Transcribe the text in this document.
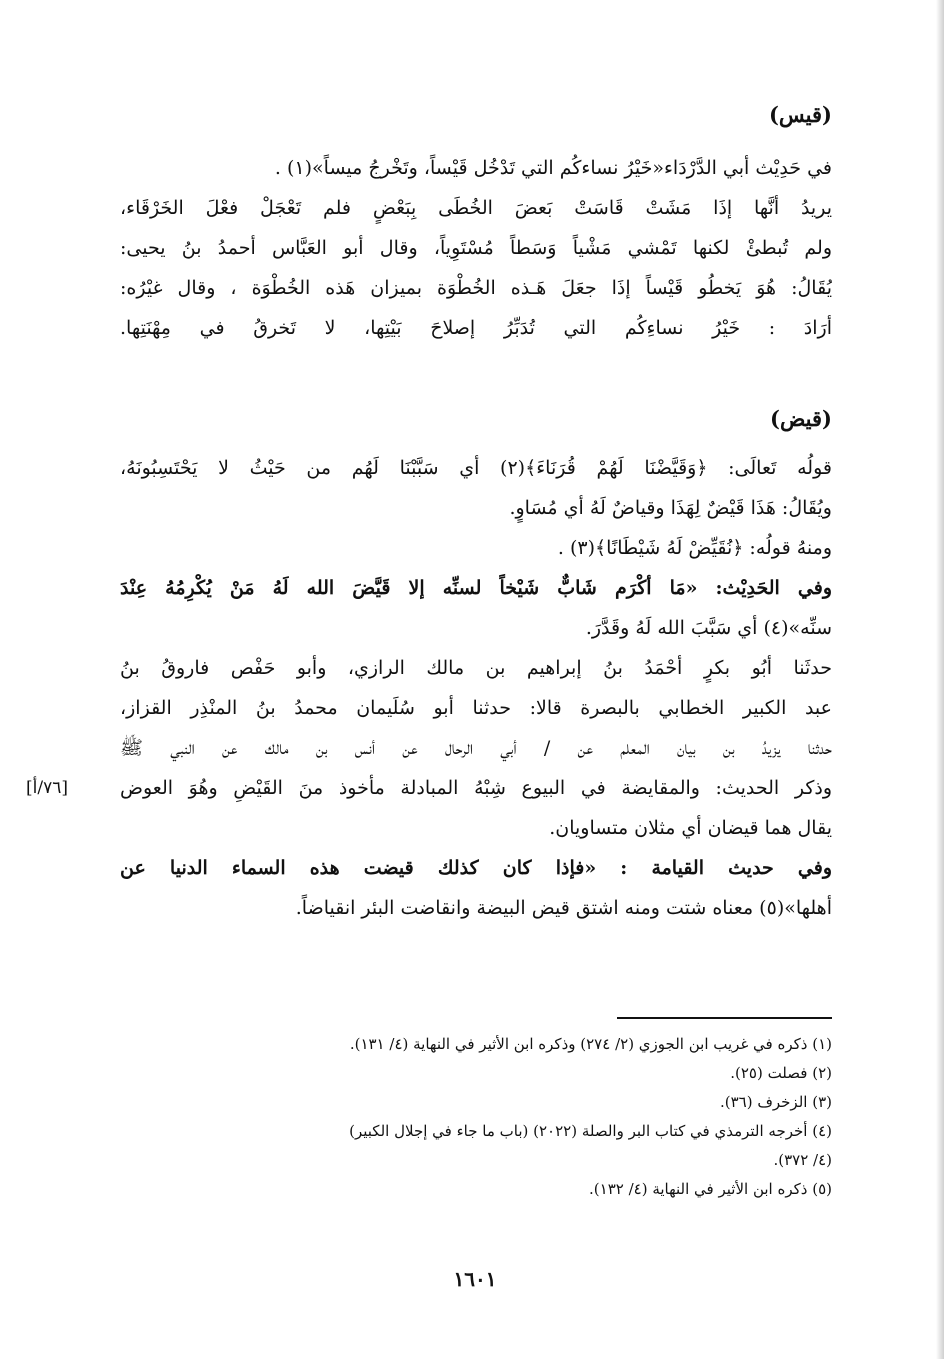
(قيس)
في حَدِيْث أبي الدَّرْدَاء«خَيْرُ نساءكُم التي تَدْخُل قَيْساً، وتَخْرجُ ميساً»(١) .
يريدُ أنَّها إذَا مَشَتْ قَاسَتْ بَعضَ الخُطَى بِبَعْضٍ فلم تَعْجَلْ فعْلَ الخَرْقَاء،
ولم تُبطئْ لكنها تَمْشي مَشْياً وَسَطاً مُسْتَوِياً، وقال أبو العَبَّاس أحمدُ بنُ يحيى:
يُقَالُ: هُوَ يَخطُو قَيْساً إذَا جعَلَ هَـذه الخُطْوَة بميزان هَذه الخُطْوَة ، وقال غيْرُه:
أرَادَ : خَيْرُ نساءِكُم التي تُدَبِّرُ إصلاحَ بَيْتِها، لا تَخرقُ في مِهْنَتِها.
(قيض)
قولُه تَعالَى: ﴿وَقَيَّضْنَا لَهُمْ قُرَنَاءَ﴾(٢) أي سَبَّبْنَا لَهُم من حَيْثُ لا يَحْتَسِبُونَهُ،
ويُقَالُ: هَذَا قَيْضٌ لِهَذَا وقياضٌ لَهُ أي مُسَاوٍ.
ومنهُ قولُه: ﴿نُقَيِّضْ لَهُ شَيْطَانًا﴾(٣) .
وفي الحَدِيْث: «مَا أكْرَم شَابٌّ شَيْخاً لسنِّه إلا قَيَّضَ الله لَهُ مَنْ يُكْرِمُهُ عِنْدَ
سنِّه»(٤) أي سَبَّبَ الله لَهُ وقَدَّرَ.
حدثَنا أبُو بكرٍ أحْمَدُ بنُ إبراهيم بن مالك الرازي، وأبو حَفْص فاروقُ بنُ
عبد الكبير الخطابي بالبصرة قالا: حدثنا أبو سُلَيمان محمدُ بنُ المنْذِر القزاز،
حدثنا يزيدُ بن بيان المعلم عن / أبي الرحال عن أنس بن مالك عن النبي ﷺ
وذكر الحديث: والمقايضة في البيوع شِبْهُ المبادلة مأخوذ منَ القَيْضِ وهُوَ العوض
يقال هما قيضان أي مثلان متساويان.
وفي حديث القيامة : «فإذا كان كذلك قيضت هذه السماء الدنيا عن
أهلها»(٥) معناه شتت ومنه اشتق قيض البيضة وانقاضت البئر انقياضاً.
[٧٦/أ]
(١) ذكره في غريب ابن الجوزي (٢/ ٢٧٤) وذكره ابن الأثير في النهاية (٤/ ١٣١).
(٢) فصلت (٢٥).
(٣) الزخرف (٣٦).
(٤) أخرجه الترمذي في كتاب البر والصلة (٢٠٢٢) (باب ما جاء في إجلال الكبير)
(٤/ ٣٧٢).
(٥) ذكره ابن الأثير في النهاية (٤/ ١٣٢).
١٦٠١
